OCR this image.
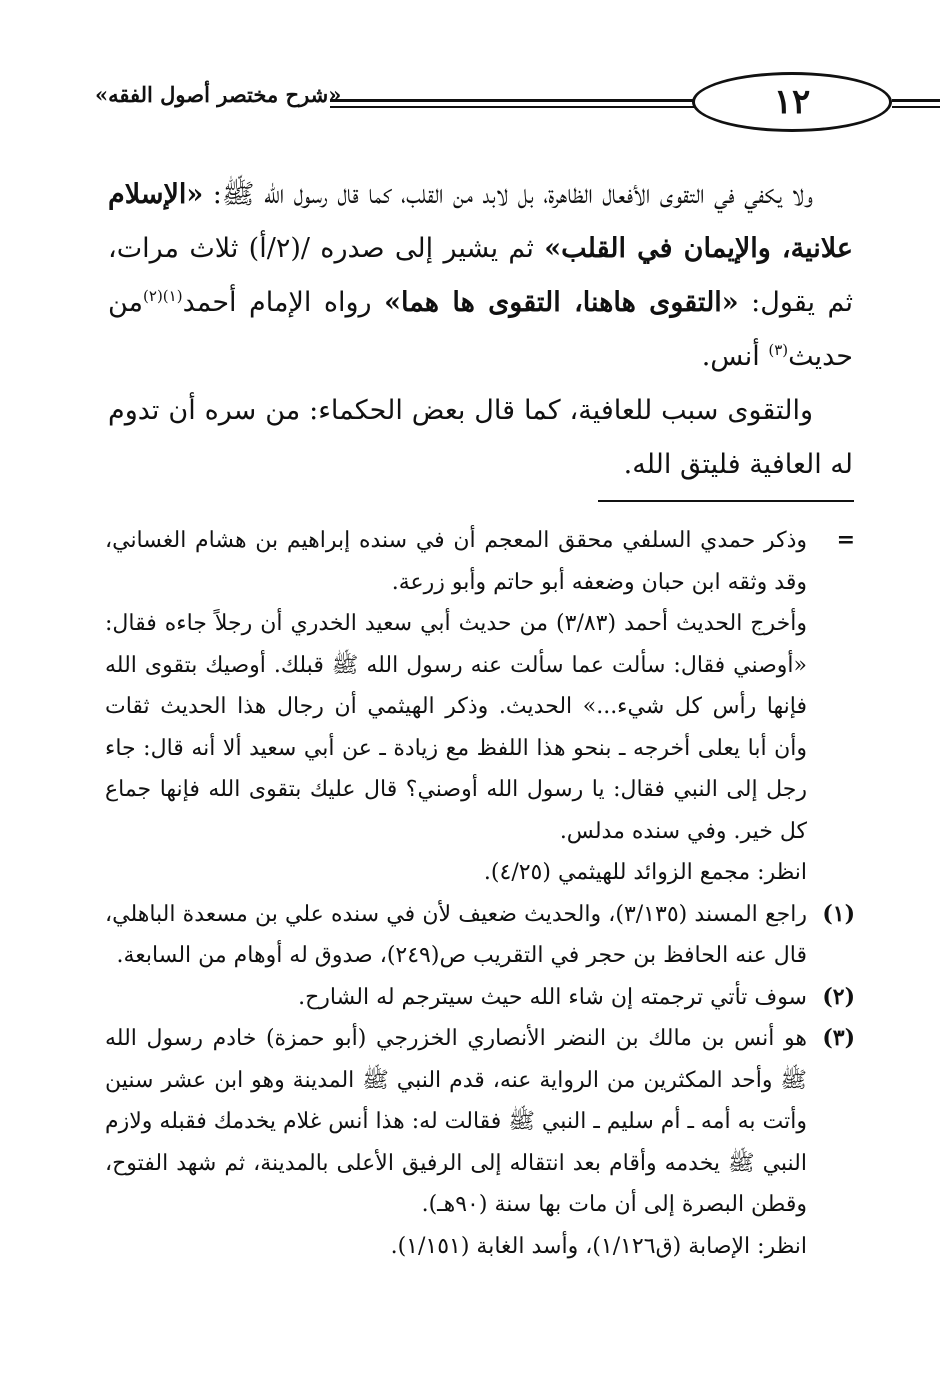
«شرح مختصر أصول الفقه»	١٢

ولا يكفي في التقوى الأفعال الظاهرة، بل لابد من القلب، كما قال رسول الله ﷺ: «الإسلام علانية، والإيمان في القلب» ثم يشير إلى صدره /(٢/أ) ثلاث مرات، ثم يقول: «التقوى هاهنا، التقوى ها هما» رواه الإمام أحمد$^{(١)(٢)}$من حديث$^{(٣)}$ أنس.

والتقوى سبب للعافية، كما قال بعض الحكماء: من سره أن تدوم له العافية فليتق الله.

=

وذكر حمدي السلفي محقق المعجم أن في سنده إبراهيم بن هشام الغساني، وقد وثقه ابن حبان وضعفه أبو حاتم وأبو زرعة.

وأخرج الحديث أحمد (٣/٨٣) من حديث أبي سعيد الخدري أن رجلاً جاءه فقال: «أوصني فقال: سألت عما سألت عنه رسول الله ﷺ قبلك. أوصيك بتقوى الله فإنها رأس كل شيء...» الحديث. وذكر الهيثمي أن رجال هذا الحديث ثقات وأن أبا يعلى أخرجه ـ بنحو هذا اللفظ مع زيادة ـ عن أبي سعيد ألا أنه قال: جاء رجل إلى النبي فقال: يا رسول الله أوصني؟ قال عليك بتقوى الله فإنها جماع كل خير. وفي سنده مدلس.

انظر: مجمع الزوائد للهيثمي (٤/٢٥).

(١)

راجع المسند (٣/١٣٥)، والحديث ضعيف لأن في سنده علي بن مسعدة الباهلي، قال عنه الحافظ بن حجر في التقريب ص(٢٤٩)، صدوق له أوهام من السابعة.

(٢)

سوف تأتي ترجمته إن شاء الله حيث سيترجم له الشارح.

(٣)

هو أنس بن مالك بن النضر الأنصاري الخزرجي (أبو حمزة) خادم رسول الله ﷺ وأحد المكثرين من الرواية عنه، قدم النبي ﷺ المدينة وهو ابن عشر سنين وأتت به أمه ـ أم سليم ـ النبي ﷺ فقالت له: هذا أنس غلام يخدمك فقبله ولازم النبي ﷺ يخدمه وأقام بعد انتقاله إلى الرفيق الأعلى بالمدينة، ثم شهد الفتوح، وقطن البصرة إلى أن مات بها سنة (٩٠هـ).

انظر: الإصابة (ق١/١٢٦)، وأسد الغابة (١/١٥١).
